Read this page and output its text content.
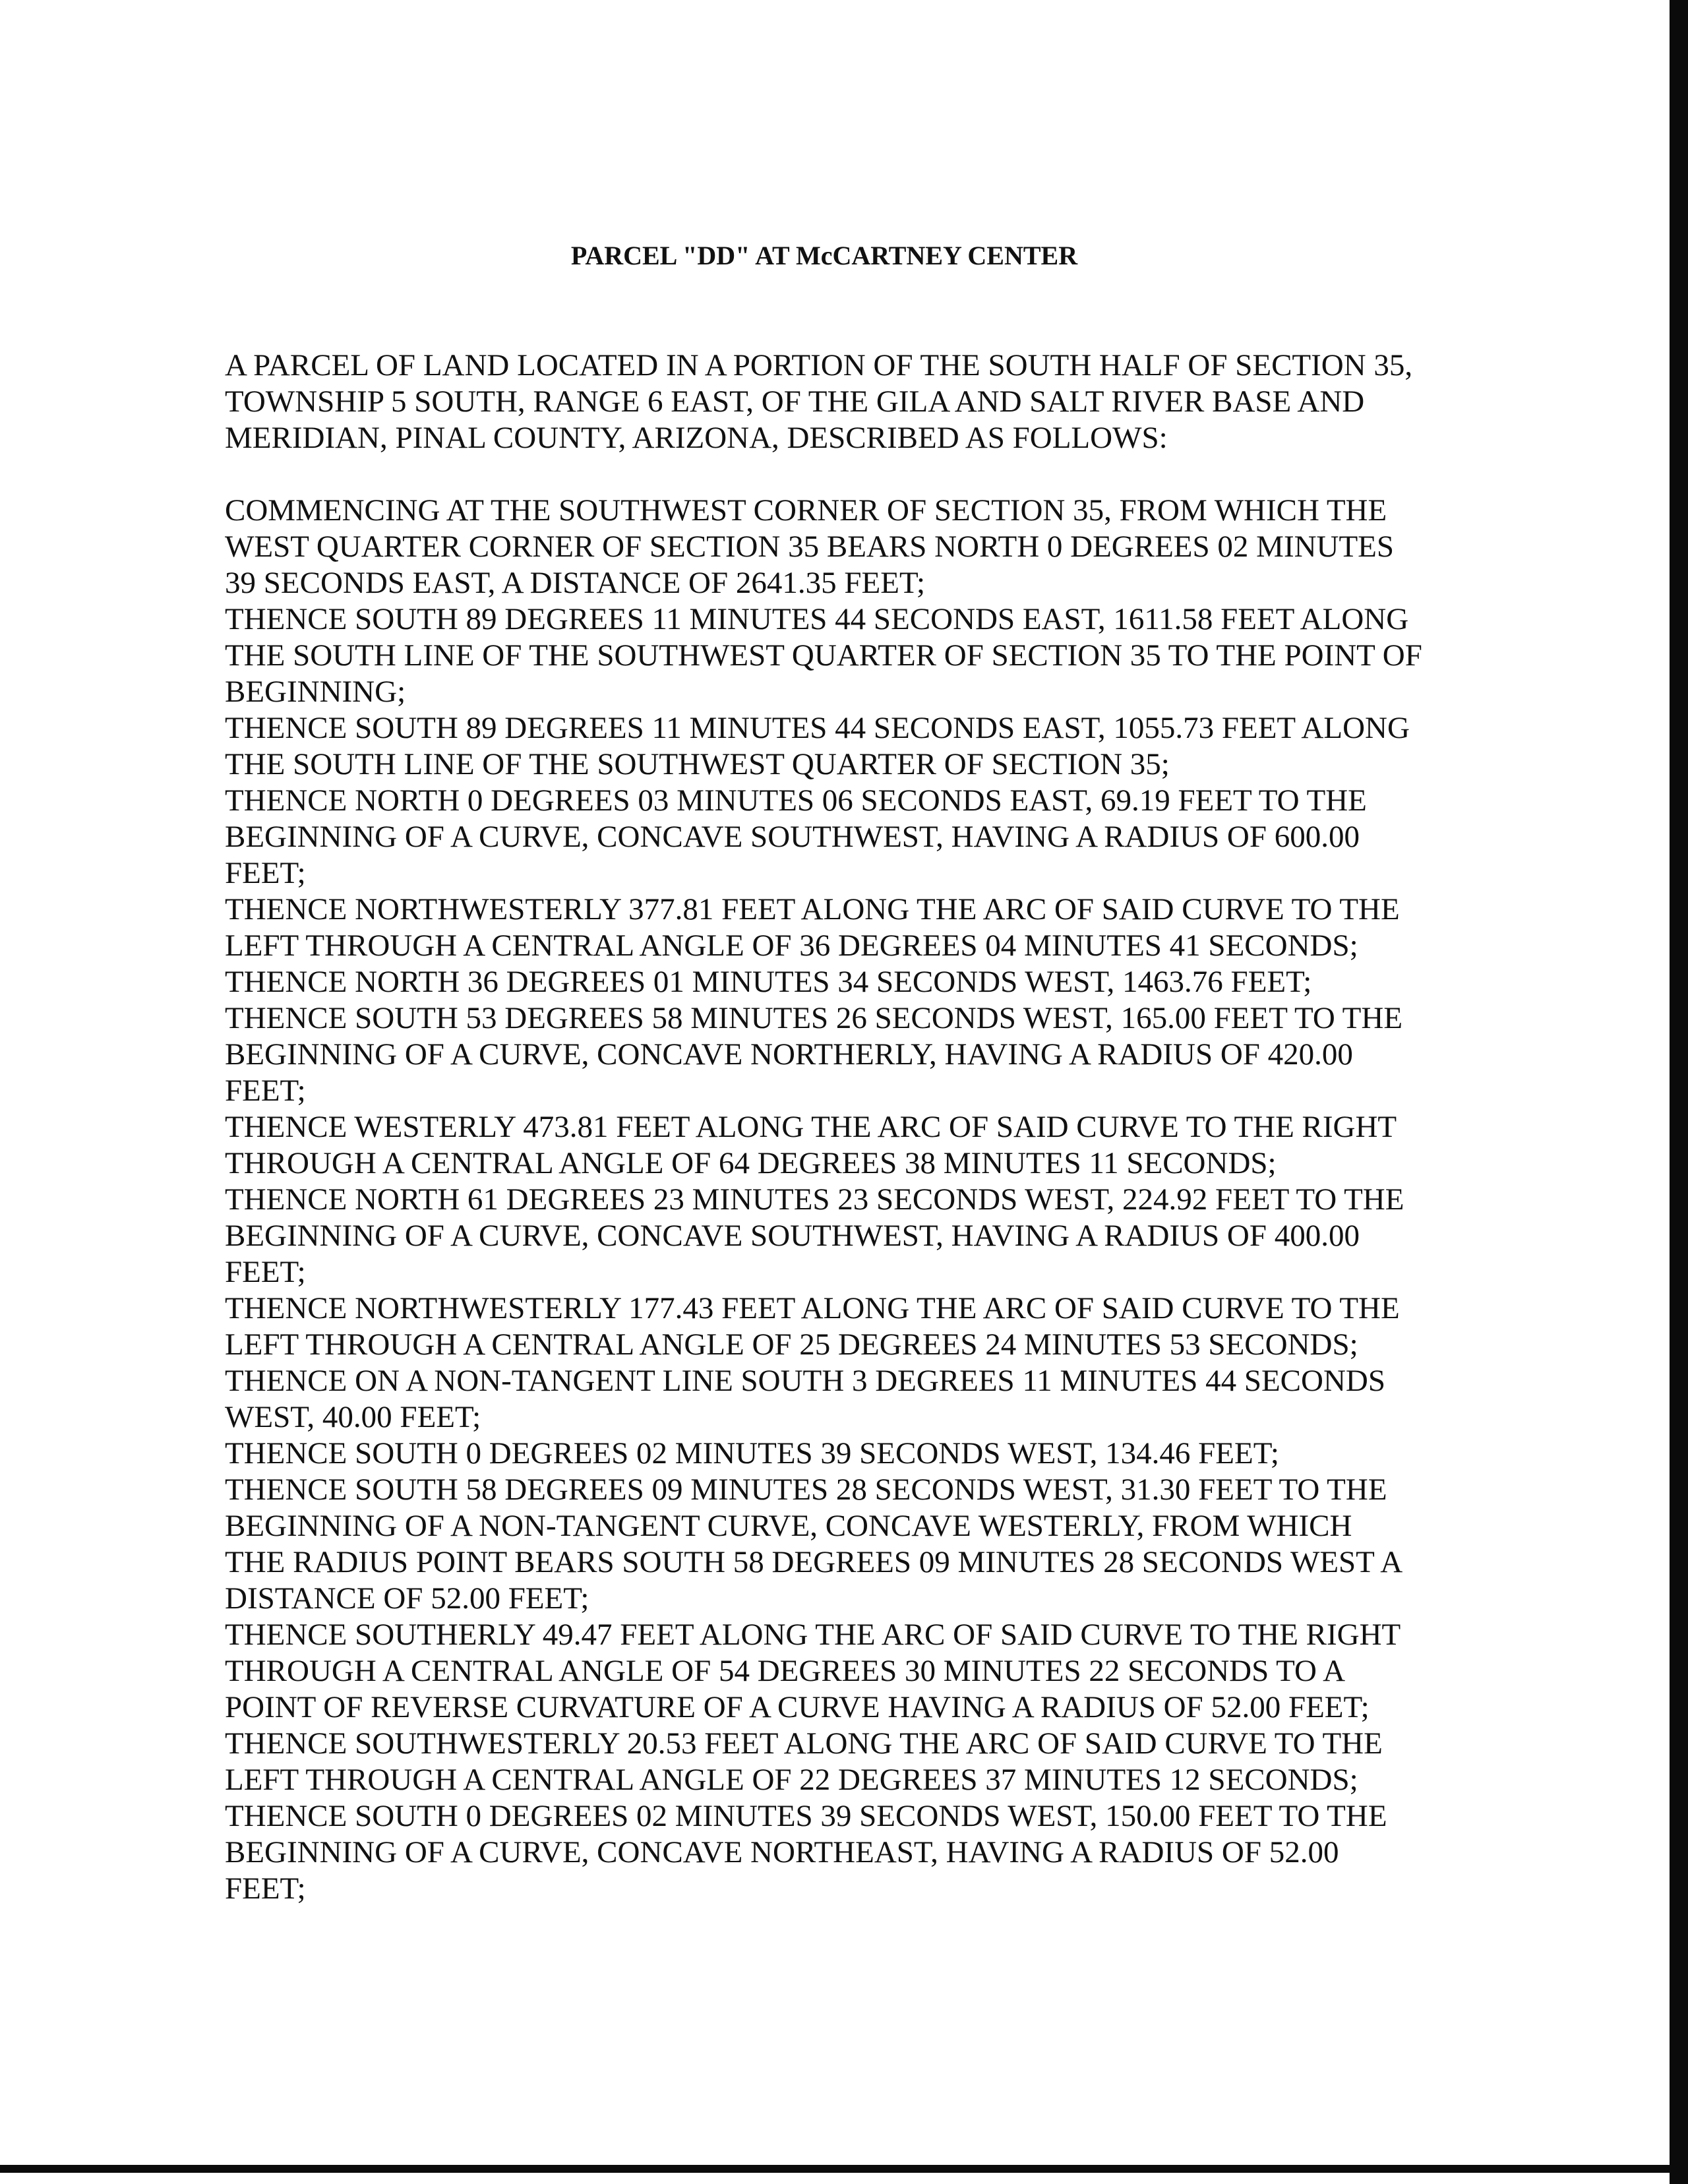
PARCEL "DD" AT McCARTNEY CENTER
A PARCEL OF LAND LOCATED IN A PORTION OF THE SOUTH HALF OF SECTION 35,
TOWNSHIP 5 SOUTH, RANGE 6 EAST, OF THE GILA AND SALT RIVER BASE AND
MERIDIAN, PINAL COUNTY, ARIZONA, DESCRIBED AS FOLLOWS:
COMMENCING AT THE SOUTHWEST CORNER OF SECTION 35, FROM WHICH THE
WEST QUARTER CORNER OF SECTION 35 BEARS NORTH 0 DEGREES 02 MINUTES
39 SECONDS EAST, A DISTANCE OF 2641.35 FEET;
THENCE SOUTH 89 DEGREES 11 MINUTES 44 SECONDS EAST, 1611.58 FEET ALONG
THE SOUTH LINE OF THE SOUTHWEST QUARTER OF SECTION 35 TO THE POINT OF
BEGINNING;
THENCE SOUTH 89 DEGREES 11 MINUTES 44 SECONDS EAST, 1055.73 FEET ALONG
THE SOUTH LINE OF THE SOUTHWEST QUARTER OF SECTION 35;
THENCE NORTH 0 DEGREES 03 MINUTES 06 SECONDS EAST, 69.19 FEET TO THE
BEGINNING OF A CURVE, CONCAVE SOUTHWEST, HAVING A RADIUS OF 600.00
FEET;
THENCE NORTHWESTERLY 377.81 FEET ALONG THE ARC OF SAID CURVE TO THE
LEFT THROUGH A CENTRAL ANGLE OF 36 DEGREES 04 MINUTES 41 SECONDS;
THENCE NORTH 36 DEGREES 01 MINUTES 34 SECONDS WEST, 1463.76 FEET;
THENCE SOUTH 53 DEGREES 58 MINUTES 26 SECONDS WEST, 165.00 FEET TO THE
BEGINNING OF A CURVE, CONCAVE NORTHERLY, HAVING A RADIUS OF 420.00
FEET;
THENCE WESTERLY 473.81 FEET ALONG THE ARC OF SAID CURVE TO THE RIGHT
THROUGH A CENTRAL ANGLE OF 64 DEGREES 38 MINUTES 11 SECONDS;
THENCE NORTH 61 DEGREES 23 MINUTES 23 SECONDS WEST, 224.92 FEET TO THE
BEGINNING OF A CURVE, CONCAVE SOUTHWEST, HAVING A RADIUS OF 400.00
FEET;
THENCE NORTHWESTERLY 177.43 FEET ALONG THE ARC OF SAID CURVE TO THE
LEFT THROUGH A CENTRAL ANGLE OF 25 DEGREES 24 MINUTES 53 SECONDS;
THENCE ON A NON-TANGENT LINE SOUTH 3 DEGREES 11 MINUTES 44 SECONDS
WEST, 40.00 FEET;
THENCE SOUTH 0 DEGREES 02 MINUTES 39 SECONDS WEST, 134.46 FEET;
THENCE SOUTH 58 DEGREES 09 MINUTES 28 SECONDS WEST, 31.30 FEET TO THE
BEGINNING OF A NON-TANGENT CURVE, CONCAVE WESTERLY, FROM WHICH
THE RADIUS POINT BEARS SOUTH 58 DEGREES 09 MINUTES 28 SECONDS WEST A
DISTANCE OF 52.00 FEET;
THENCE SOUTHERLY 49.47 FEET ALONG THE ARC OF SAID CURVE TO THE RIGHT
THROUGH A CENTRAL ANGLE OF 54 DEGREES 30 MINUTES 22 SECONDS TO A
POINT OF REVERSE CURVATURE OF A CURVE HAVING A RADIUS OF 52.00 FEET;
THENCE SOUTHWESTERLY 20.53 FEET ALONG THE ARC OF SAID CURVE TO THE
LEFT THROUGH A CENTRAL ANGLE OF 22 DEGREES 37 MINUTES 12 SECONDS;
THENCE SOUTH 0 DEGREES 02 MINUTES 39 SECONDS WEST, 150.00 FEET TO THE
BEGINNING OF A CURVE, CONCAVE NORTHEAST, HAVING A RADIUS OF 52.00
FEET;
